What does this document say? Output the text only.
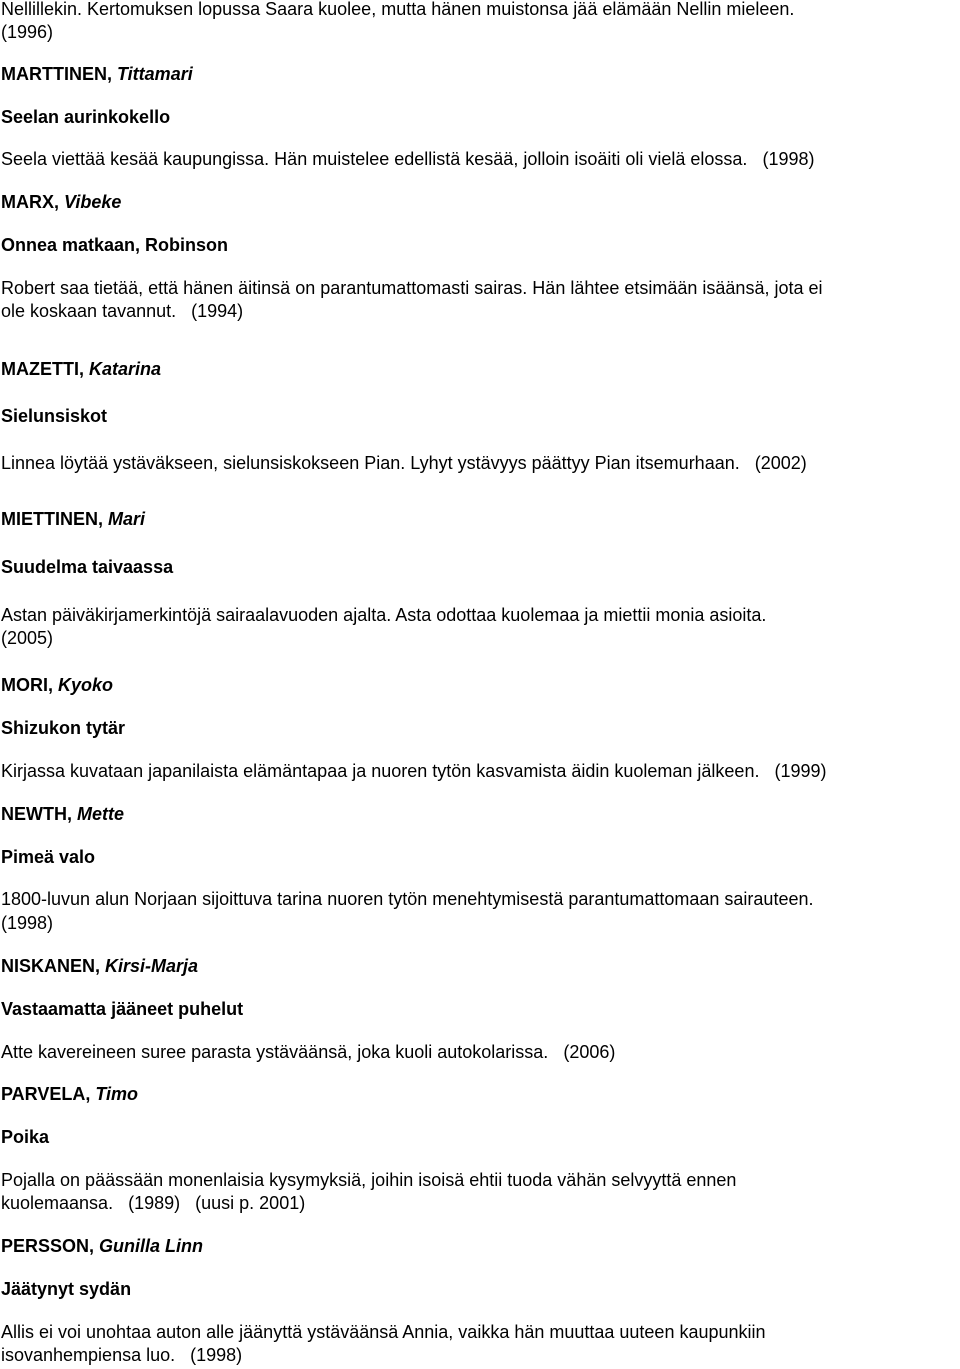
Nellillekin. Kertomuksen lopussa Saara kuolee, mutta hänen muistonsa jää elämään Nellin mieleen.
(1996)
MARTTINEN, Tittamari
Seelan aurinkokello
Seela viettää kesää kaupungissa. Hän muistelee edellistä kesää, jolloin isoäiti oli vielä elossa. (1998)
MARX, Vibeke
Onnea matkaan, Robinson
Robert saa tietää, että hänen äitinsä on parantumattomasti sairas. Hän lähtee etsimään isäänsä, jota ei
ole koskaan tavannut. (1994)
MAZETTI, Katarina
Sielunsiskot
Linnea löytää ystäväkseen, sielunsiskokseen Pian. Lyhyt ystävyys päättyy Pian itsemurhaan. (2002)
MIETTINEN, Mari
Suudelma taivaassa
Astan päiväkirjamerkintöjä sairaalavuoden ajalta. Asta odottaa kuolemaa ja miettii monia asioita.
(2005)
MORI, Kyoko
Shizukon tytär
Kirjassa kuvataan japanilaista elämäntapaa ja nuoren tytön kasvamista äidin kuoleman jälkeen. (1999)
NEWTH, Mette
Pimeä valo
1800-luvun alun Norjaan sijoittuva tarina nuoren tytön menehtymisestä parantumattomaan sairauteen.
(1998)
NISKANEN, Kirsi-Marja
Vastaamatta jääneet puhelut
Atte kavereineen suree parasta ystäväänsä, joka kuoli autokolarissa. (2006)
PARVELA, Timo
Poika
Pojalla on päässään monenlaisia kysymyksiä, joihin isoisä ehtii tuoda vähän selvyyttä ennen
kuolemaansa. (1989) (uusi p. 2001)
PERSSON, Gunilla Linn
Jäätynyt sydän
Allis ei voi unohtaa auton alle jäänyttä ystäväänsä Annia, vaikka hän muuttaa uuteen kaupunkiin
isovanhempiensa luo. (1998)
